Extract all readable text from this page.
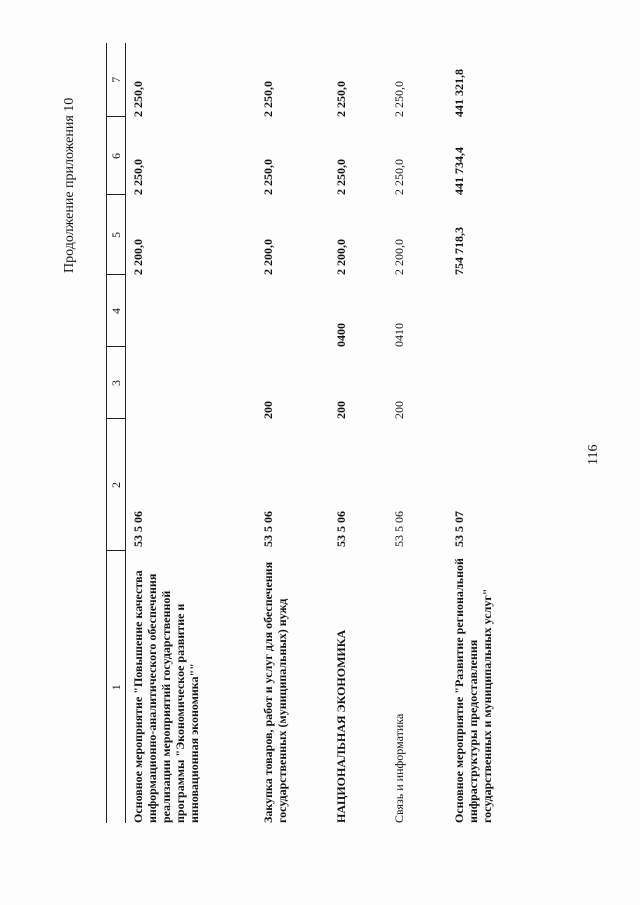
116
Продолжение приложения 10
1	2	3	4	5	6	7
Основное мероприятие "Повышение качества информационно-аналитического обеспечения реализации мероприятий государственной программы "Экономическое развитие и инновационная экономика""	53 5 06			2 200,0	2 250,0	2 250,0
Закупка товаров, работ и услуг для обеспечения государственных (муниципальных) нужд	53 5 06	200		2 200,0	2 250,0	2 250,0
НАЦИОНАЛЬНАЯ ЭКОНОМИКА	53 5 06	200	0400	2 200,0	2 250,0	2 250,0
Связь и информатика	53 5 06	200	0410	2 200,0	2 250,0	2 250,0
Основное мероприятие "Развитие региональной инфраструктуры предоставления государственных и муниципальных услуг"	53 5 07			754 718,3	441 734,4	441 321,8
